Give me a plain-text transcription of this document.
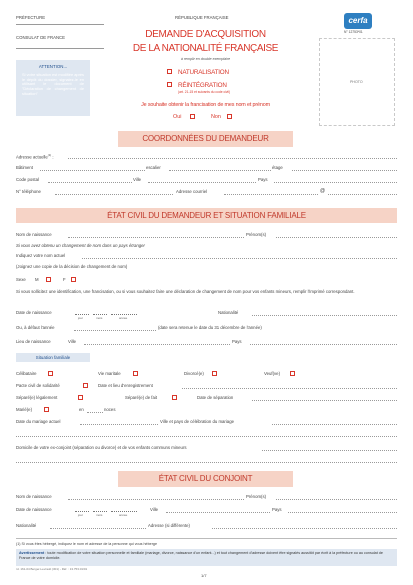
PRÉFECTURE	RÉPUBLIQUE FRANÇAISE
CONSULAT DE FRANCE
cerfa
N° 12753*01
PHOTO
DEMANDE D'ACQUISITION
DE LA NATIONALITÉ FRANÇAISE
à remplir en double exemplaire
NATURALISATION
RÉINTÉGRATION
(art. 21-15 et suivants du code civil)
Je souhaite obtenir la francisation de mes nom et prénom
Oui	Non
ATTENTION...
Si votre situation est modifiée après le dépôt du dossier, signalez-le en utilisant le document de "Déclaration de changement de situation"
COORDONNÉES DU DEMANDEUR
Adresse actuelle$^{(1)}$ :
Bâtiment	escalier	étage
Code postal	Ville	Pays
N° téléphone	Adresse courriel	@
ÉTAT CIVIL DU DEMANDEUR ET SITUATION FAMILIALE
Nom de naissance	Prénom(s)
Si vous avez obtenu un changement de nom dans un pays étranger
Indiquez votre nom actuel
(Joignez une copie de la décision de changement de nom)
Sexe M	F
Si vous sollicitez une identification, une francisation, ou si vous souhaitez faire une déclaration de changement de nom pour vos enfants mineurs, remplir l'imprimé correspondant.
Date de naissance
jour	mois	année
Nationalité
Ou, à défaut l'année	(date sera retenue le date du 31 décembre de l'année)
Lieu de naissance	Ville	Pays
Situation familiale
Célibataire	Vie maritale	Divorcé(e)	Veuf(ve)
Pacte civil de solidarité	Date et lieu d'enregistrement
Séparé(e) légalement	Séparé(e) de fait	Date de séparation
Marié(e)	en	noces
Date du mariage actuel	Ville et pays de célébration du mariage
Domicile de votre ex-conjoint (séparation ou divorce) et de vos enfants communs mineurs
ÉTAT CIVIL DU CONJOINT
Nom de naissance	Prénom(s)
Date de naissance
jour	mois	année
Ville	Pays
Nationalité	Adresse (si différente)
(1) Si vous êtes hébergé, indiquez le nom et adresse de la personne qui vous héberge
Avertissement : toute modification de votre situation personnelle et familiale (mariage, divorce, naissance d'un enfant...) et tout changement d'adresse doivent être signalés aussitôt par écrit à la préfecture ou au consulat de France de votre domicile.
rd. 161-04 Berger-Levrault (301) - Réf. : 13.753.01/01
1/7
